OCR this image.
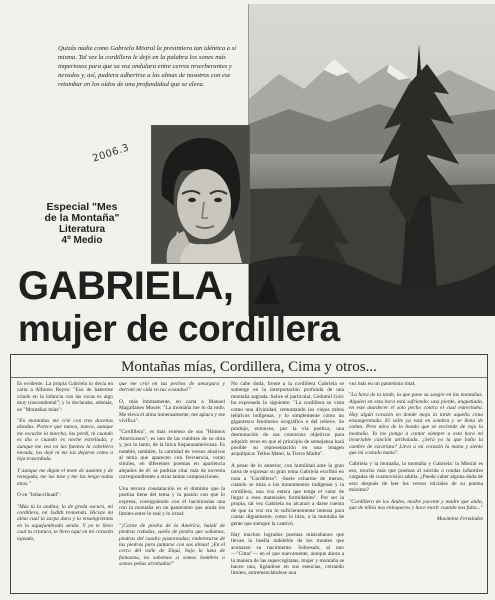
Quizás nadie como Gabriela Mistral la presintiera tan idéntica a sí misma. Tal vez la cordillera le dejó en la palabra los sones más imperiosos para que su voz ondulara entre cerros reverberantes y nevados y, así, pudiera adherirse a las almas de nosotros con ese retumbar en los oídos de una profundidad que se eleva.
2006.3
Especial "Mes
de la Montaña"
Literatura
4º Medio
GABRIELA,
mujer de cordillera
Montañas mías, Cordillera, Cima y otros...

Es evidente. La propia Gabriela lo decía en carta a Alfonso Reyes: "Eso de haberme criado en la infancia con las rocas es algo muy trascendental"; y lo declaraba, además, en "Montañas mías":

"En montañas me crié con tres docenas alzadas. Parece que nunca, nunca, aunque me escuche la marcha, las perdí, ni cuando es día o cuando es noche estrellada, y aunque me vea en las fuentes la cabellera nevada, las dejé ni me las dejaron como a hija trasordada.

Y aunque me digan el mote de ausente y de renegada, me las tuve y me las tengo todas mías."

O en "Istlaccíhuatl":

"Más tú la andina, la de greda oscura, mi cordillera, mi Judith tremenda. Hiciste mi alma cual la zarpa dura y la ensangrientas en la aquejumbrada senda. Y yo te llevo cual tu criatura, te llevo aquí en mi corazón tajeado,

que me crió en tus pechos de amargura y derrotó mi vida en tus costados!"

O, más íntimamente, en carta a Manuel Magallanes Moure: "La montaña me lo da todo. Me eleva el alma inmensamente, me aplaca y me vivifica".

"Cordillera", es más extenso de sus "Himnos Americanos"; es uno de las cumbres de su obra y, por lo tanto, de la lírica hispanoamericana. Es notable, también, la cantidad de versos alusivos al tema que aparecen con frecuencia, como símiles, en diferentes poemas en apariencia alejados de él: se podrían citar más de noventa correspondientes a otras tantas composiciones.

Una tercera constatación es el dominio que la poetisa tiene del tema y la pasión con que lo expresa, consiguiendo con él hacérnoslas una con la montaña en un panteísmo que anula los límites entre lo real y lo irreal:

"¡Carne de piedra de la América, halalí de piedras rodadas, sueño de piedra que soñamos, piedras del cuadro pastoreadas; enderezarse de las piedras para juntarse con sus almas! ¡En el cerco del valle de Elqui, bajo la luna de fantasma, no sabemos si somos hombres o somos peñas arrobadas!"

No cabe duda, frente a la cordillera Gabriela se sumerge en la interpretación profunda de una montaña sagrada. Sobre el particular, Cedomil Goic ha expresado lo siguiente: "La cordillera se vista como una divinidad, remontando los viejos mitos telúricos indígenas, y lo simplemente como un gigantesco fenómeno orográfico o del relieve. Se produjo, entonces, por la vía poética, una desmutación de sus contornos objetivos para adquirir otros en que el principio de semejanza hará posible su representación en una imagen arquitípica: Tellus Mater, la Tierra Madre".

A pesar de lo anterior, con humildad ante la gran tarea de expresar su gran tema Gabriela escribió en nota a "Cordillera": -Suele echarme de menos, cuando se mira a los monumentos indígenas y la cordillera, una voz entera que tenga el valor de llegar a esos materiales formidables". Por ser la propia, tal vez Gabriela no alcanzó a darse cuenta de que su voz era lo suficientemente intensa para cantar dignamente, como lo hizo, a la montaña de gente que siempre la cautivó.

Hay muchos logrados poemas mistralianos que llevan la huella indeleble de los montes que acunaron su nacimiento. Sobresale, al uno —"Cima"— en el que nuevamente, aunque ahora a la manera de las supercogitatas, mujer y montaña se hacen una, ligándose en sus esencias, cerrando límites, entremezclándose una

vez más en un panteísmo total.

"La hora de la tarde, la que pone su sangre en las montañas. Alguien en esta hora está sufriendo; una pierde, angustiada, en este atardecer el solo pecho contra el cual estrechaba. Hay algún corazón en donde moja la tarde aquella cima ensangrentada. El valle ya está en sombra y se llena de calma. Pero mira de lo hondo que se enciende de rojo la montaña. Yo me pongo a cantar siempre a esta hora mi invariable canción atribulada. ¿Será yo la que baño la cumbre de escarlata? Llevo a mi corazón la mano y siento que mi costado mana".

Gabriela y la montaña, la montaña y Gabriela: la Mistral es eso, mucho más que poemas al suicida o rondas infantiles cargadas de cosmovisión adulta. ¿Puede caber alguna duda de esto después de leer los versos iniciales de su poema máximo?

"Cordillera de los Andes, madre yacente y madre que anda, que de niños nos enloqueces y hace morir cuando nos falta..."

Maximino Fernández
